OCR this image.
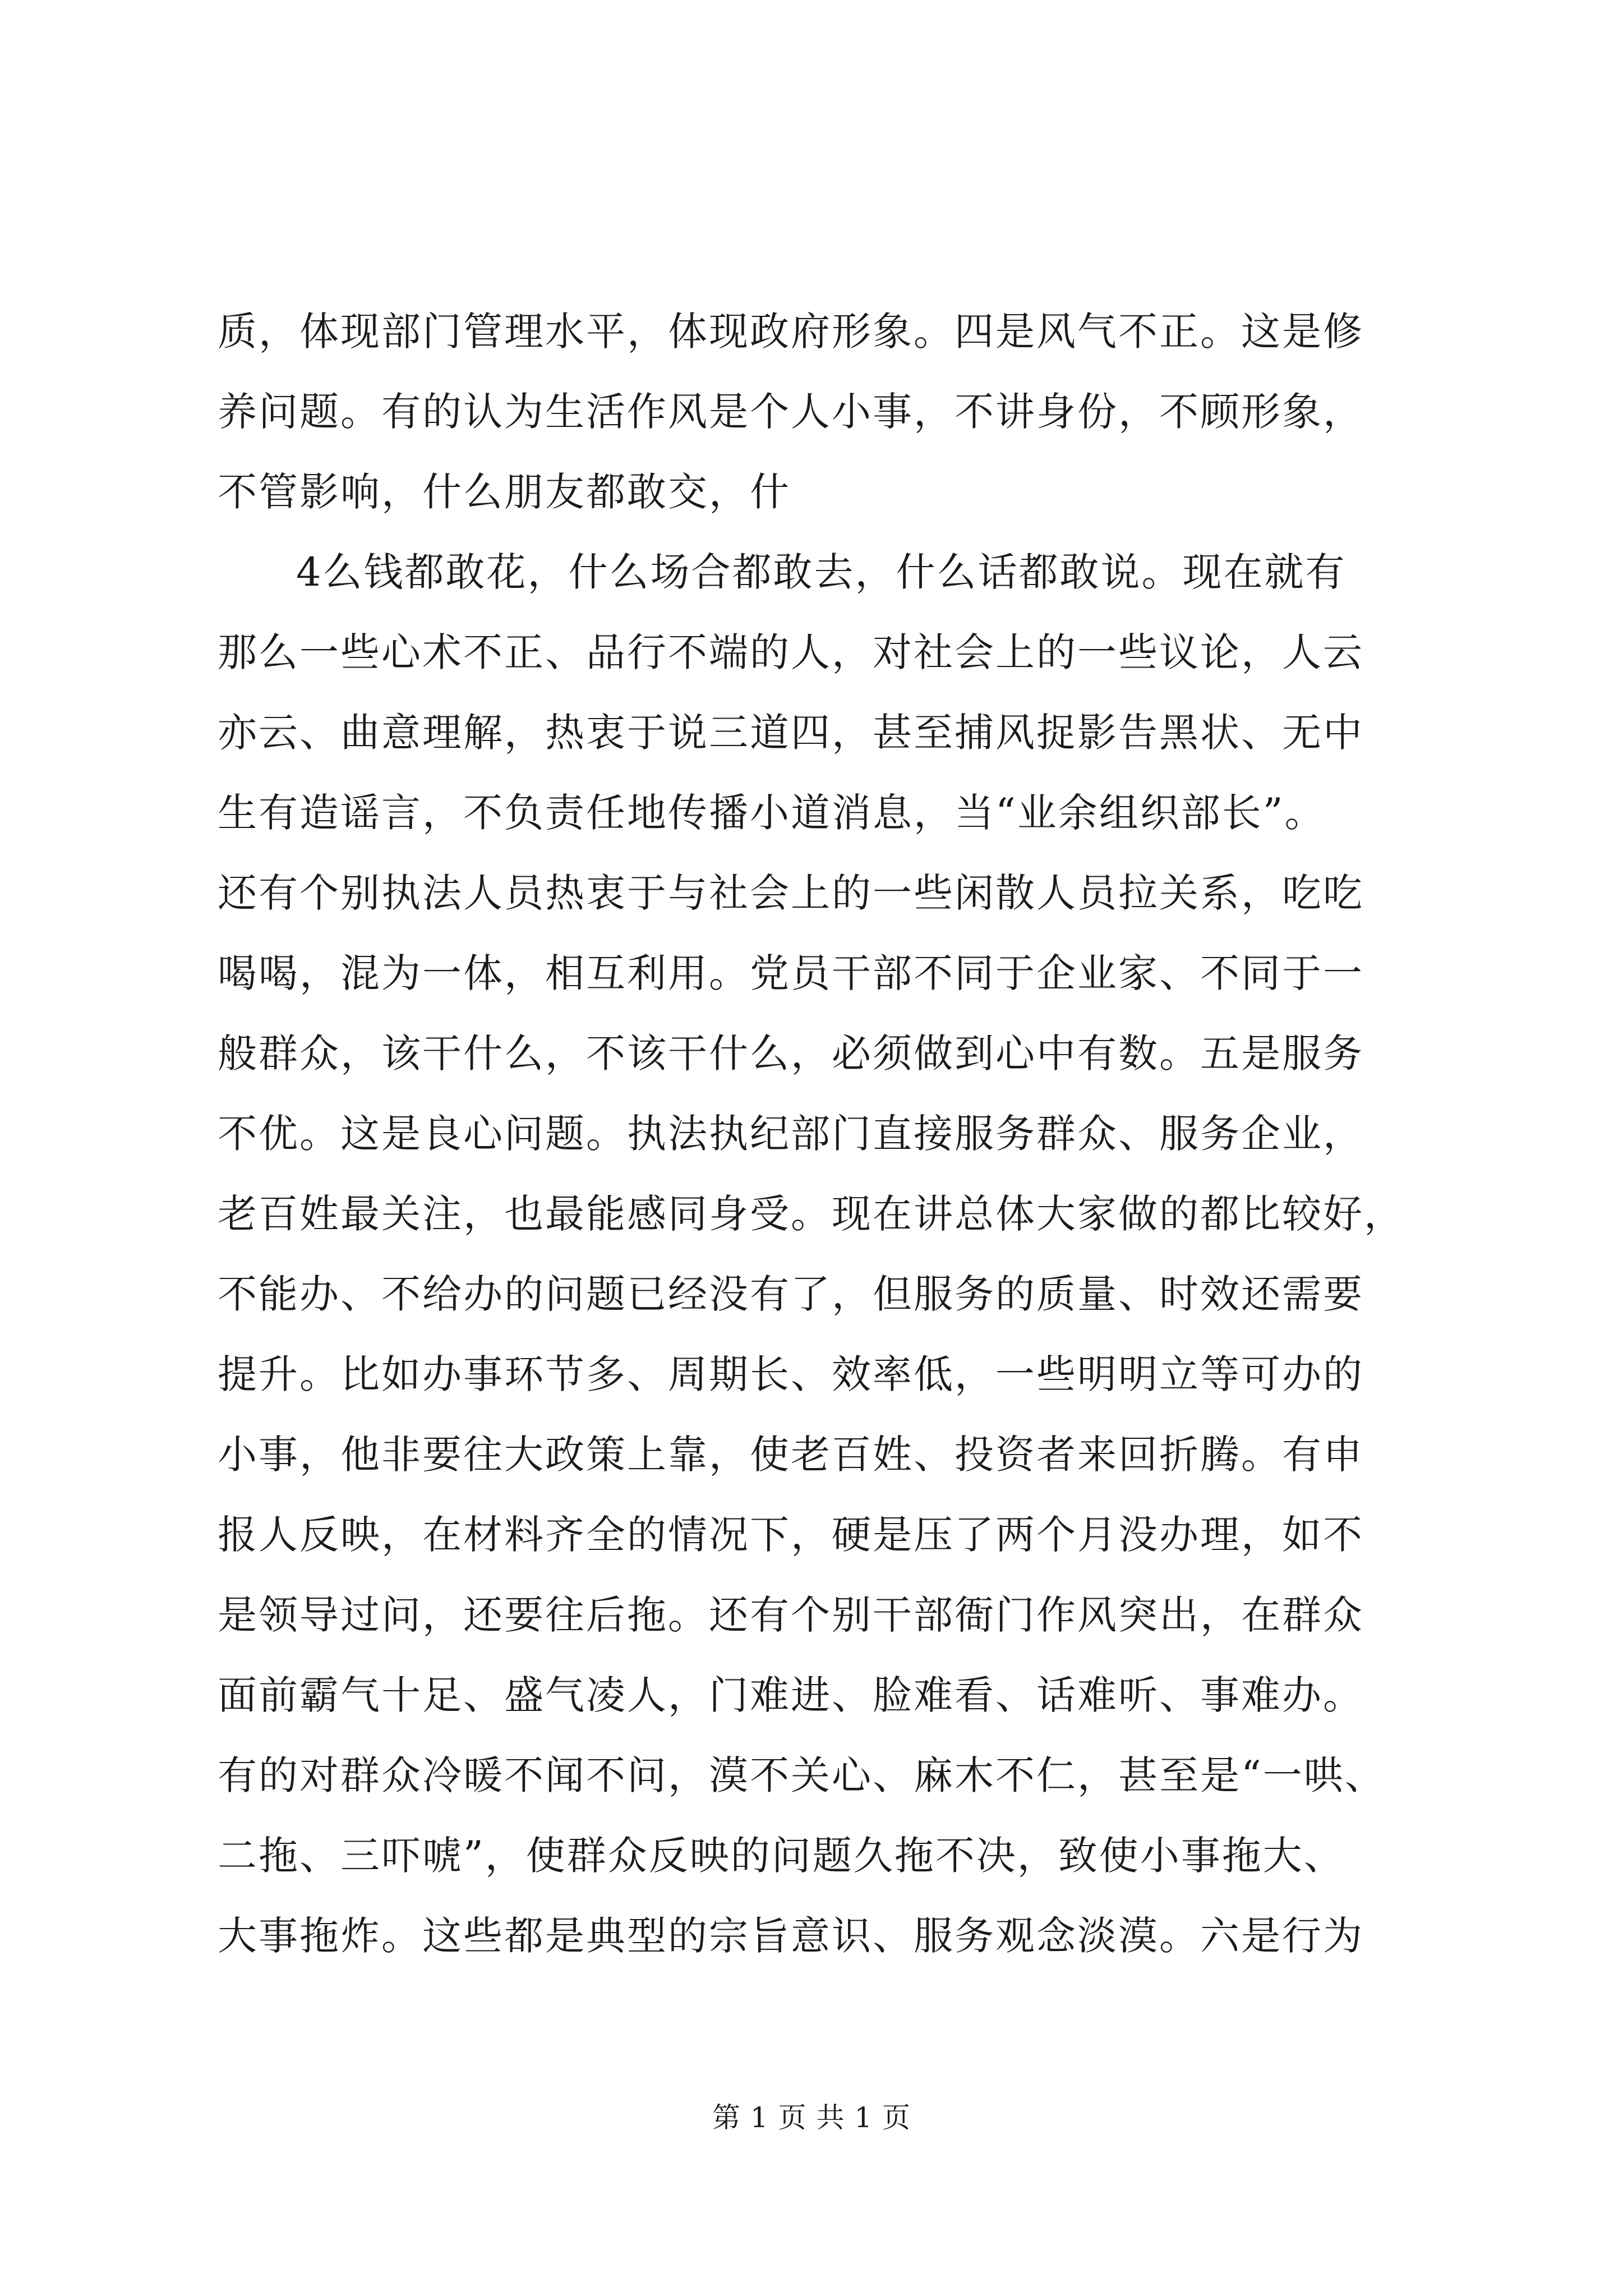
质，体现部门管理水平，体现政府形象。四是风气不正。这是修
养问题。有的认为生活作风是个人小事，不讲身份，不顾形象，
不管影响，什么朋友都敢交，什
4么钱都敢花，什么场合都敢去，什么话都敢说。现在就有
那么一些心术不正、品行不端的人，对社会上的一些议论，人云
亦云、曲意理解，热衷于说三道四，甚至捕风捉影告黑状、无中
生有造谣言，不负责任地传播小道消息，当“业余组织部长”。
还有个别执法人员热衷于与社会上的一些闲散人员拉关系，吃吃
喝喝，混为一体，相互利用。党员干部不同于企业家、不同于一
般群众，该干什么，不该干什么，必须做到心中有数。五是服务
不优。这是良心问题。执法执纪部门直接服务群众、服务企业，
老百姓最关注，也最能感同身受。现在讲总体大家做的都比较好，
不能办、不给办的问题已经没有了，但服务的质量、时效还需要
提升。比如办事环节多、周期长、效率低，一些明明立等可办的
小事，他非要往大政策上靠，使老百姓、投资者来回折腾。有申
报人反映，在材料齐全的情况下，硬是压了两个月没办理，如不
是领导过问，还要往后拖。还有个别干部衙门作风突出，在群众
面前霸气十足、盛气凌人，门难进、脸难看、话难听、事难办。
有的对群众冷暖不闻不问，漠不关心、麻木不仁，甚至是“一哄、
二拖、三吓唬”，使群众反映的问题久拖不决，致使小事拖大、
大事拖炸。这些都是典型的宗旨意识、服务观念淡漠。六是行为
第 1 页 共 1 页
